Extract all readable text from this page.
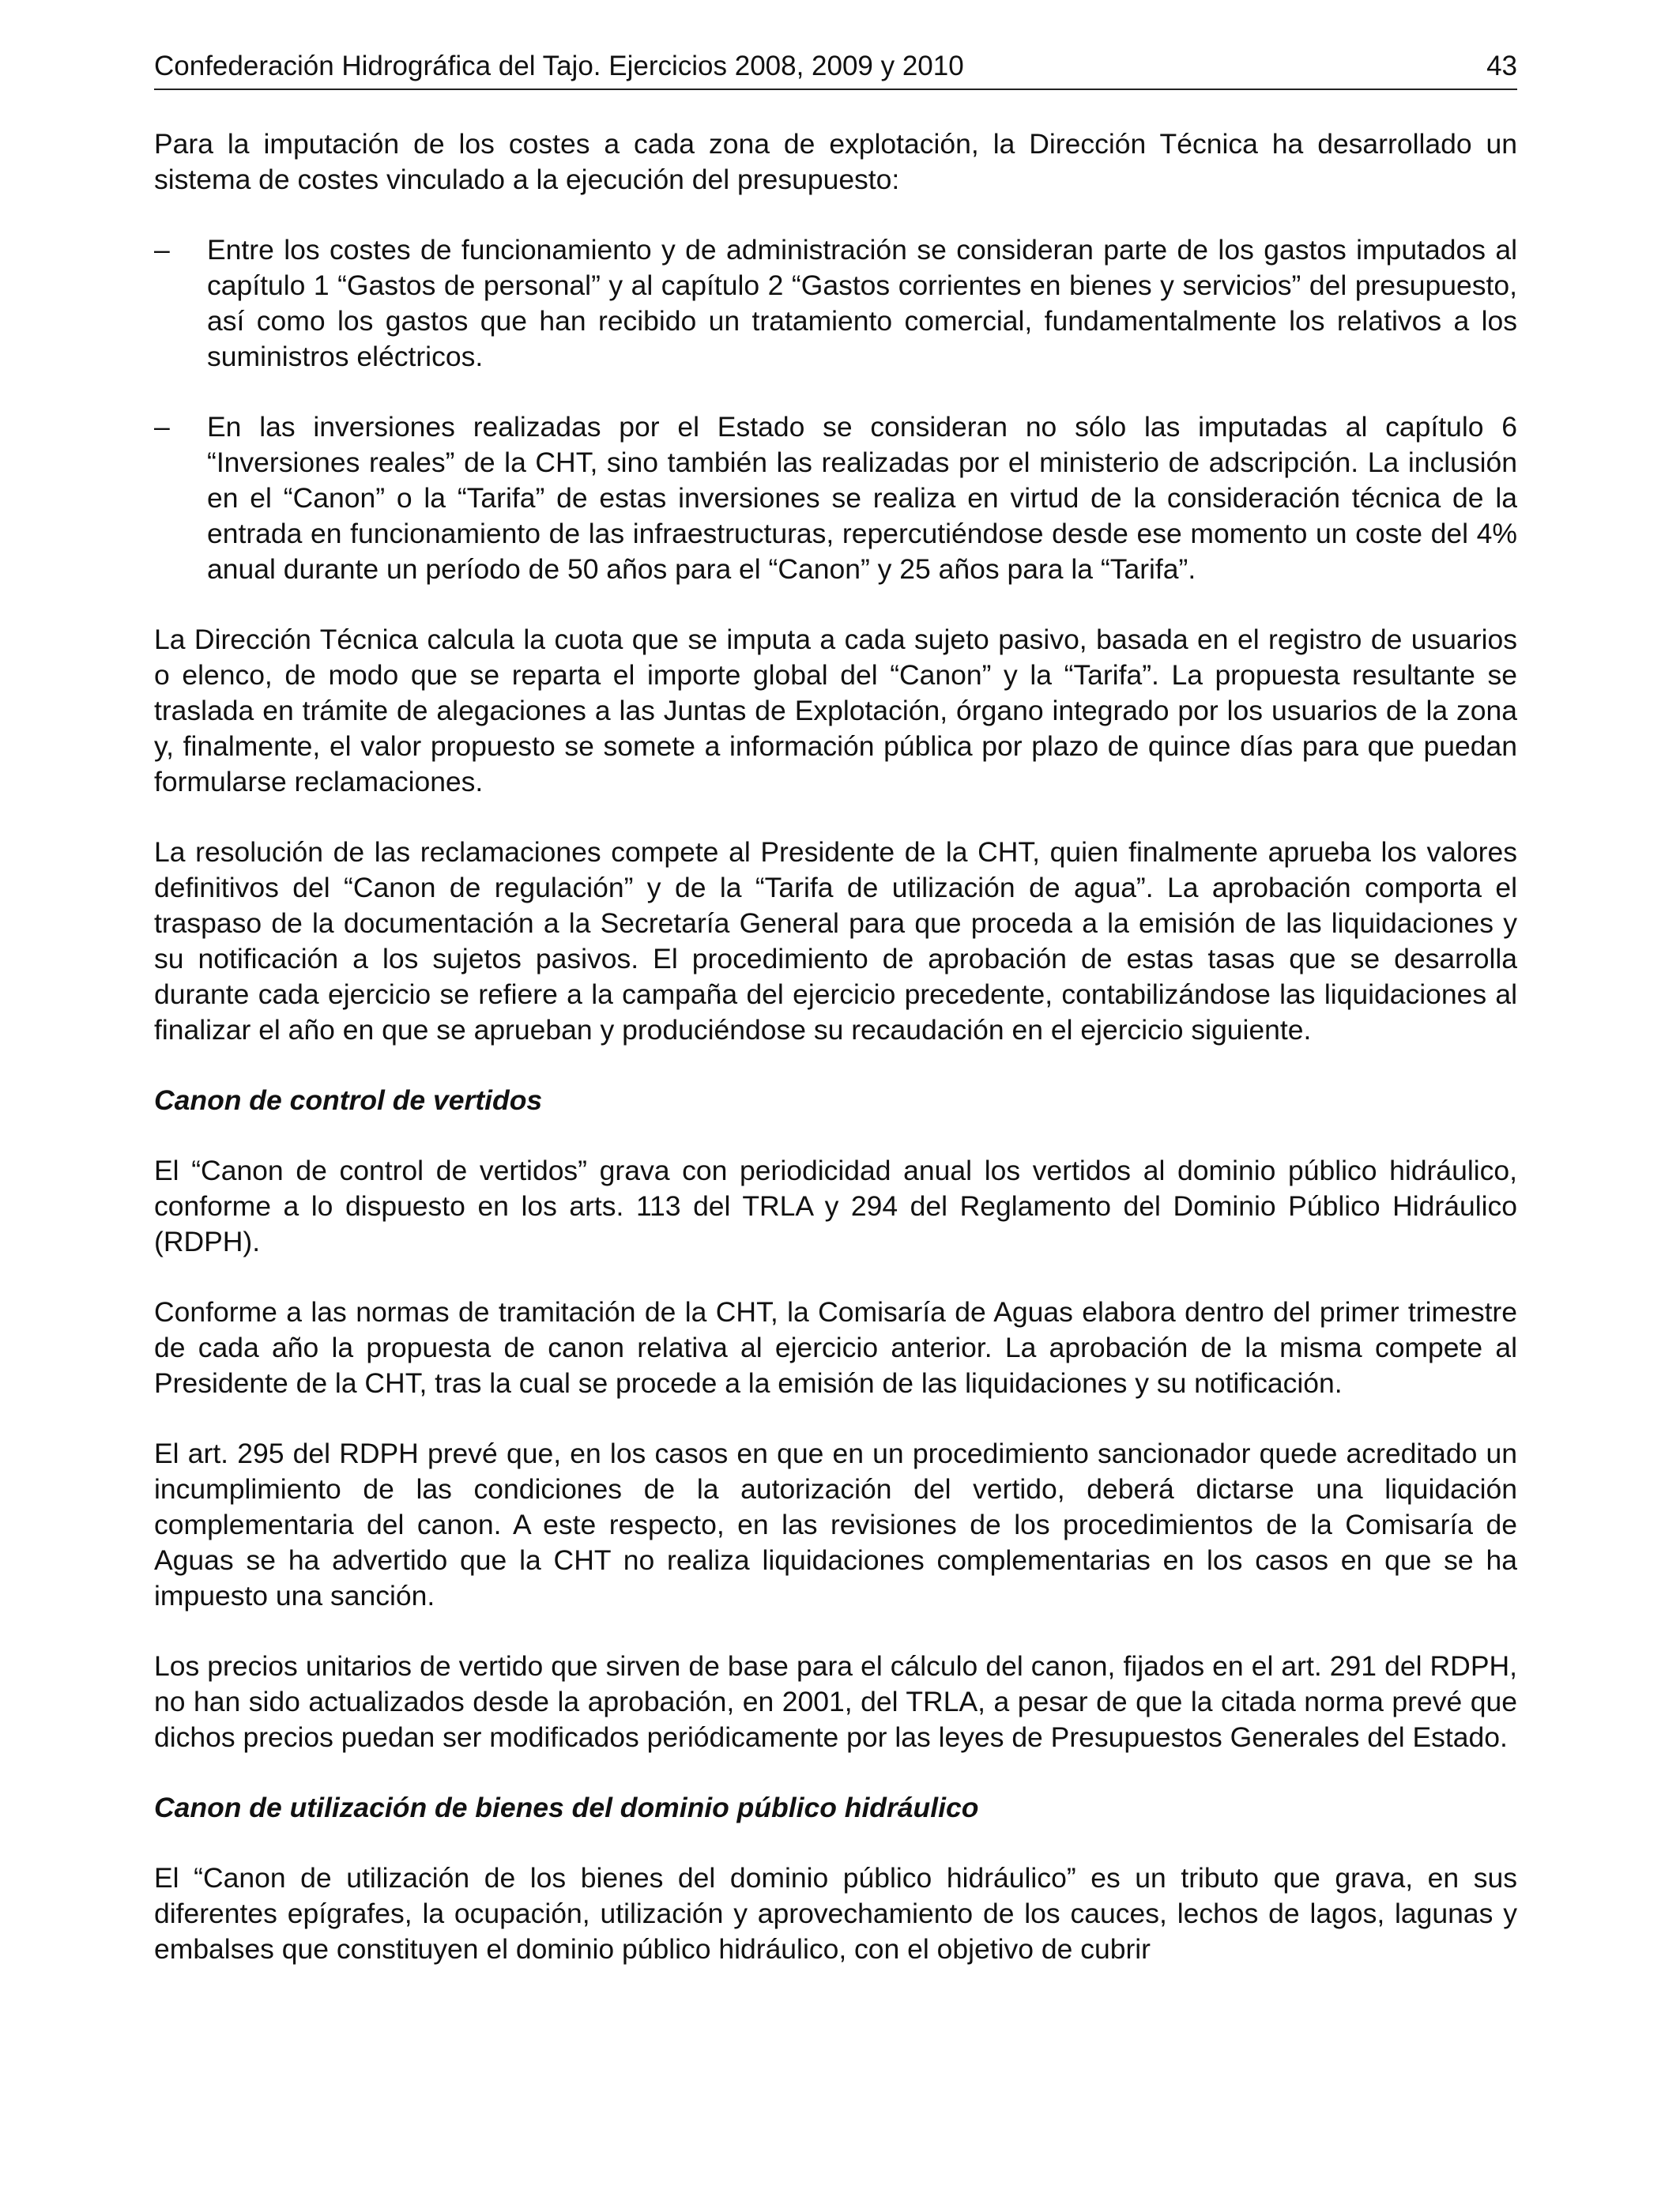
Confederación Hidrográfica del Tajo. Ejercicios 2008, 2009 y 2010	43

Para la imputación de los costes a cada zona de explotación, la Dirección Técnica ha desarrollado un sistema de costes vinculado a la ejecución del presupuesto:

–	Entre los costes de funcionamiento y de administración se consideran parte de los gastos imputados al capítulo 1 “Gastos de personal” y al capítulo 2 “Gastos corrientes en bienes y servicios” del presupuesto, así como los gastos que han recibido un tratamiento comercial, fundamentalmente los relativos a los suministros eléctricos.
–	En las inversiones realizadas por el Estado se consideran no sólo las imputadas al capítulo 6 “Inversiones reales” de la CHT, sino también las realizadas por el ministerio de adscripción. La inclusión en el “Canon” o la “Tarifa” de estas inversiones se realiza en virtud de la consideración técnica de la entrada en funcionamiento de las infraestructuras, repercutiéndose desde ese momento un coste del 4% anual durante un período de 50 años para el “Canon” y 25 años para la “Tarifa”.

La Dirección Técnica calcula la cuota que se imputa a cada sujeto pasivo, basada en el registro de usuarios o elenco, de modo que se reparta el importe global del “Canon” y la “Tarifa”. La propuesta resultante se traslada en trámite de alegaciones a las Juntas de Explotación, órgano integrado por los usuarios de la zona y, finalmente, el valor propuesto se somete a información pública por plazo de quince días para que puedan formularse reclamaciones.

La resolución de las reclamaciones compete al Presidente de la CHT, quien finalmente aprueba los valores definitivos del “Canon de regulación” y de la “Tarifa de utilización de agua”. La aprobación comporta el traspaso de la documentación a la Secretaría General para que proceda a la emisión de las liquidaciones y su notificación a los sujetos pasivos. El procedimiento de aprobación de estas tasas que se desarrolla durante cada ejercicio se refiere a la campaña del ejercicio precedente, contabilizándose las liquidaciones al finalizar el año en que se aprueban y produciéndose su recaudación en el ejercicio siguiente.

Canon de control de vertidos

El “Canon de control de vertidos” grava con periodicidad anual los vertidos al dominio público hidráulico, conforme a lo dispuesto en los arts. 113 del TRLA y 294 del Reglamento del Dominio Público Hidráulico (RDPH).

Conforme a las normas de tramitación de la CHT, la Comisaría de Aguas elabora dentro del primer trimestre de cada año la propuesta de canon relativa al ejercicio anterior. La aprobación de la misma compete al Presidente de la CHT, tras la cual se procede a la emisión de las liquidaciones y su notificación.

El art. 295 del RDPH prevé que, en los casos en que en un procedimiento sancionador quede acreditado un incumplimiento de las condiciones de la autorización del vertido, deberá dictarse una liquidación complementaria del canon. A este respecto, en las revisiones de los procedimientos de la Comisaría de Aguas se ha advertido que la CHT no realiza liquidaciones complementarias en los casos en que se ha impuesto una sanción.

Los precios unitarios de vertido que sirven de base para el cálculo del canon, fijados en el art. 291 del RDPH, no han sido actualizados desde la aprobación, en 2001, del TRLA, a pesar de que la citada norma prevé que dichos precios puedan ser modificados periódicamente por las leyes de Presupuestos Generales del Estado.

Canon de utilización de bienes del dominio público hidráulico

El “Canon de utilización de los bienes del dominio público hidráulico” es un tributo que grava, en sus diferentes epígrafes, la ocupación, utilización y aprovechamiento de los cauces, lechos de lagos, lagunas y embalses que constituyen el dominio público hidráulico, con el objetivo de cubrir
